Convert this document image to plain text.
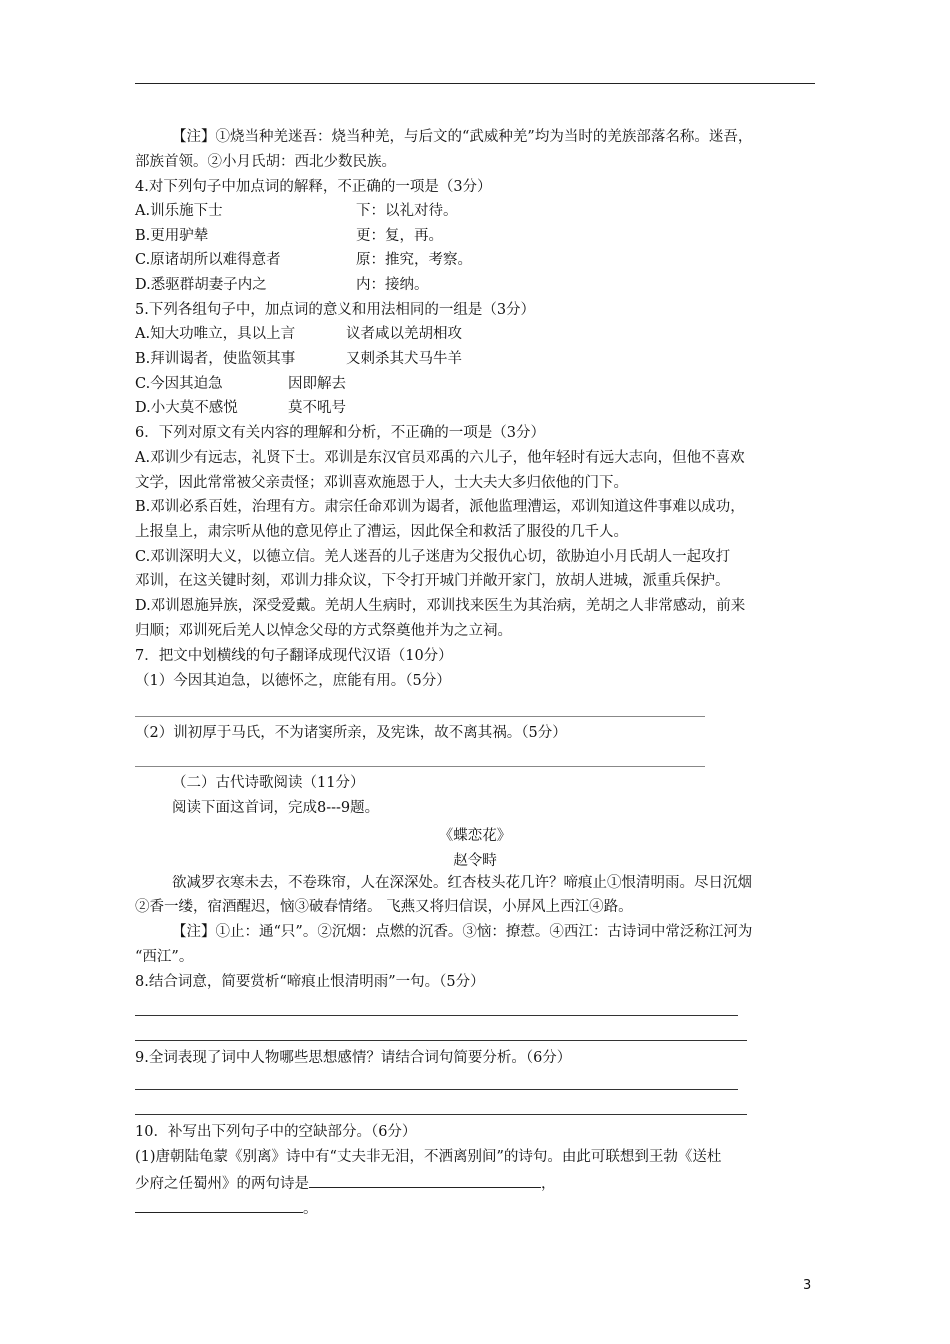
【注】①烧当种羌迷吾：烧当种羌，与后文的“武威种羌”均为当时的羌族部落名称。迷吾，
部族首领。②小月氏胡：西北少数民族。
4.对下列句子中加点词的解释，不正确的一项是（3分）
A.训乐施下士	下：以礼对待。
B.更用驴辇	更：复，再。
C.原诸胡所以难得意者	原：推究，考察。
D.悉驱群胡妻子内之	内：接纳。
5.下列各组句子中，加点词的意义和用法相同的一组是（3分）
A.知大功唯立，具以上言	议者咸以羌胡相攻
B.拜训谒者，使监领其事	又刺杀其犬马牛羊
C.今因其迫急	因即解去
D.小大莫不感悦	莫不吼号
6．下列对原文有关内容的理解和分析，不正确的一项是（3分）
A.邓训少有远志，礼贤下士。邓训是东汉官员邓禹的六儿子，他年轻时有远大志向，但他不喜欢
文学，因此常常被父亲责怪；邓训喜欢施恩于人，士大夫大多归依他的门下。
B.邓训必系百姓，治理有方。肃宗任命邓训为谒者，派他监理漕运，邓训知道这件事难以成功，
上报皇上，肃宗听从他的意见停止了漕运，因此保全和救活了服役的几千人。
C.邓训深明大义，以德立信。羌人迷吾的儿子迷唐为父报仇心切，欲胁迫小月氏胡人一起攻打
邓训，在这关键时刻，邓训力排众议，下令打开城门并敞开家门，放胡人进城，派重兵保护。
D.邓训恩施异族，深受爱戴。羌胡人生病时，邓训找来医生为其治病，羌胡之人非常感动，前来
归顺；邓训死后羌人以悼念父母的方式祭奠他并为之立祠。
7．把文中划横线的句子翻译成现代汉语（10分）
（1）今因其迫急，以德怀之，庶能有用。（5分）
（2）训初厚于马氏，不为诸窦所亲，及宪诛，故不离其祸。（5分）
（二）古代诗歌阅读（11分）
阅读下面这首词，完成8---9题。
《蝶恋花》
赵令畤
欲减罗衣寒未去，不卷珠帘，人在深深处。红杏枝头花几许？啼痕止①恨清明雨。尽日沉烟
②香一缕，宿酒醒迟，恼③破春情绪。 飞燕又将归信误，小屏风上西江④路。
【注】①止：通“只”。②沉烟：点燃的沉香。③恼：撩惹。④西江：古诗词中常泛称江河为
“西江”。
8.结合词意，简要赏析“啼痕止恨清明雨”一句。（5分）
9.全词表现了词中人物哪些思想感情？请结合词句简要分析。（6分）
10．补写出下列句子中的空缺部分。（6分）
(1)唐朝陆龟蒙《别离》诗中有“丈夫非无泪，不洒离别间”的诗句。由此可联想到王勃《送杜
少府之任蜀州》的两句诗是	，
。
3
